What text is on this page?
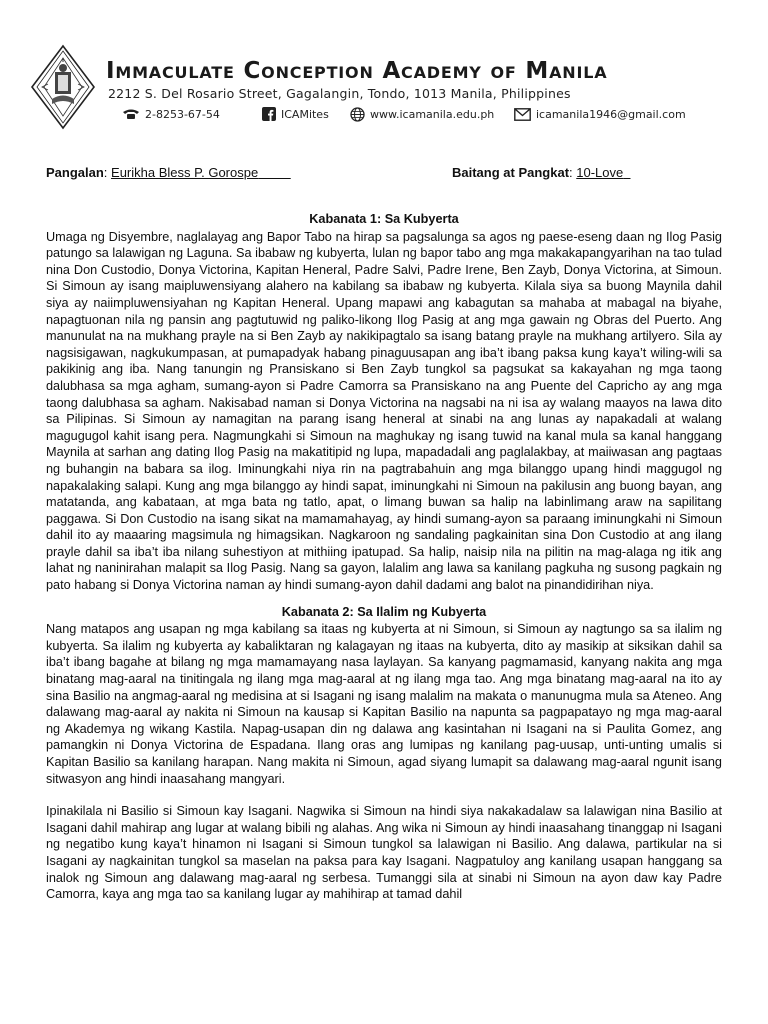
Immaculate Conception Academy of Manila
2212 S. Del Rosario Street, Gagalangin, Tondo, 1013 Manila, Philippines
2-8253-67-54	ICAMites	www.icamanila.edu.ph	icamanila1946@gmail.com
Pangalan: Eurikha Bless P. Gorospe	Baitang at Pangkat: 10-Love
Kabanata 1: Sa Kubyerta

Umaga ng Disyembre, naglalayag ang Bapor Tabo na hirap sa pagsalunga sa agos ng paese-eseng daan ng Ilog Pasig patungo sa lalawigan ng Laguna. Sa ibabaw ng kubyerta, lulan ng bapor tabo ang mga makakapangyarihan na tao tulad nina Don Custodio, Donya Victorina, Kapitan Heneral, Padre Salvi, Padre Irene, Ben Zayb, Donya Victorina, at Simoun. Si Simoun ay isang maipluwensiyang alahero na kabilang sa ibabaw ng kubyerta. Kilala siya sa buong Maynila dahil siya ay naiimpluwensiyahan ng Kapitan Heneral. Upang mapawi ang kabagutan sa mahaba at mabagal na biyahe, napagtuonan nila ng pansin ang pagtutuwid ng paliko-likong Ilog Pasig at ang mga gawain ng Obras del Puerto. Ang manunulat na na mukhang prayle na si Ben Zayb ay nakikipagtalo sa isang batang prayle na mukhang artilyero. Sila ay nagsisigawan, nagkukumpasan, at pumapadyak habang pinaguusapan ang iba’t ibang paksa kung kaya’t wiling-wili sa pakikinig ang iba. Nang tanungin ng Pransiskano si Ben Zayb tungkol sa pagsukat sa kakayahan ng mga taong dalubhasa sa mga agham, sumang-ayon si Padre Camorra sa Pransiskano na ang Puente del Capricho ay ang mga taong dalubhasa sa agham. Nakisabad naman si Donya Victorina na nagsabi na ni isa ay walang maayos na lawa dito sa Pilipinas. Si Simoun ay namagitan na parang isang heneral at sinabi na ang lunas ay napakadali at walang magugugol kahit isang pera. Nagmungkahi si Simoun na maghukay ng isang tuwid na kanal mula sa kanal hanggang Maynila at sarhan ang dating Ilog Pasig na makatitipid ng lupa, mapadadali ang paglalakbay, at maiiwasan ang pagtaas ng buhangin na babara sa ilog. Iminungkahi niya rin na pagtrabahuin ang mga bilanggo upang hindi maggugol ng napakalaking salapi. Kung ang mga bilanggo ay hindi sapat, iminungkahi ni Simoun na pakilusin ang buong bayan, ang matatanda, ang kabataan, at mga bata ng tatlo, apat, o limang buwan sa halip na labinlimang araw na sapilitang paggawa. Si Don Custodio na isang sikat na mamamahayag, ay hindi sumang-ayon sa paraang iminungkahi ni Simoun dahil ito ay maaaring magsimula ng himagsikan. Nagkaroon ng sandaling pagkainitan sina Don Custodio at ang ilang prayle dahil sa iba’t iba nilang suhestiyon at mithiing ipatupad. Sa halip, naisip nila na pilitin na mag-alaga ng itik ang lahat ng naninirahan malapit sa Ilog Pasig. Nang sa gayon, lalalim ang lawa sa kanilang pagkuha ng susong pagkain ng pato habang si Donya Victorina naman ay hindi sumang-ayon dahil dadami ang balot na pinandidirihan niya.

Kabanata 2: Sa Ilalim ng Kubyerta

Nang matapos ang usapan ng mga kabilang sa itaas ng kubyerta at ni Simoun, si Simoun ay nagtungo sa sa ilalim ng kubyerta. Sa ilalim ng kubyerta ay kabaliktaran ng kalagayan ng itaas na kubyerta, dito ay masikip at siksikan dahil sa iba’t ibang bagahe at bilang ng mga mamamayang nasa laylayan. Sa kanyang pagmamasid, kanyang nakita ang mga binatang mag-aaral na tinitingala ng ilang mga mag-aaral at ng ilang mga tao. Ang mga binatang mag-aaral na ito ay sina Basilio na angmag-aaral ng medisina at si Isagani ng isang malalim na makata o manunugma mula sa Ateneo. Ang dalawang mag-aaral ay nakita ni Simoun na kausap si Kapitan Basilio na napunta sa pagpapatayo ng mga mag-aaral ng Akademya ng wikang Kastila. Napag-usapan din ng dalawa ang kasintahan ni Isagani na si Paulita Gomez, ang pamangkin ni Donya Victorina de Espadana. Ilang oras ang lumipas ng kanilang pag-uusap, unti-unting umalis si Kapitan Basilio sa kanilang harapan. Nang makita ni Simoun, agad siyang lumapit sa dalawang mag-aaral ngunit isang sitwasyon ang hindi inaasahang mangyari.

Ipinakilala ni Basilio si Simoun kay Isagani. Nagwika si Simoun na hindi siya nakakadalaw sa lalawigan nina Basilio at Isagani dahil mahirap ang lugar at walang bibili ng alahas. Ang wika ni Simoun ay hindi inaasahang tinanggap ni Isagani ng negatibo kung kaya’t hinamon ni Isagani si Simoun tungkol sa lalawigan ni Basilio. Ang dalawa, partikular na si Isagani ay nagkainitan tungkol sa maselan na paksa para kay Isagani. Nagpatuloy ang kanilang usapan hanggang sa inalok ng Simoun ang dalawang mag-aaral ng serbesa. Tumanggi sila at sinabi ni Simoun na ayon daw kay Padre Camorra, kaya ang mga tao sa kanilang lugar ay mahihirap at tamad dahil
